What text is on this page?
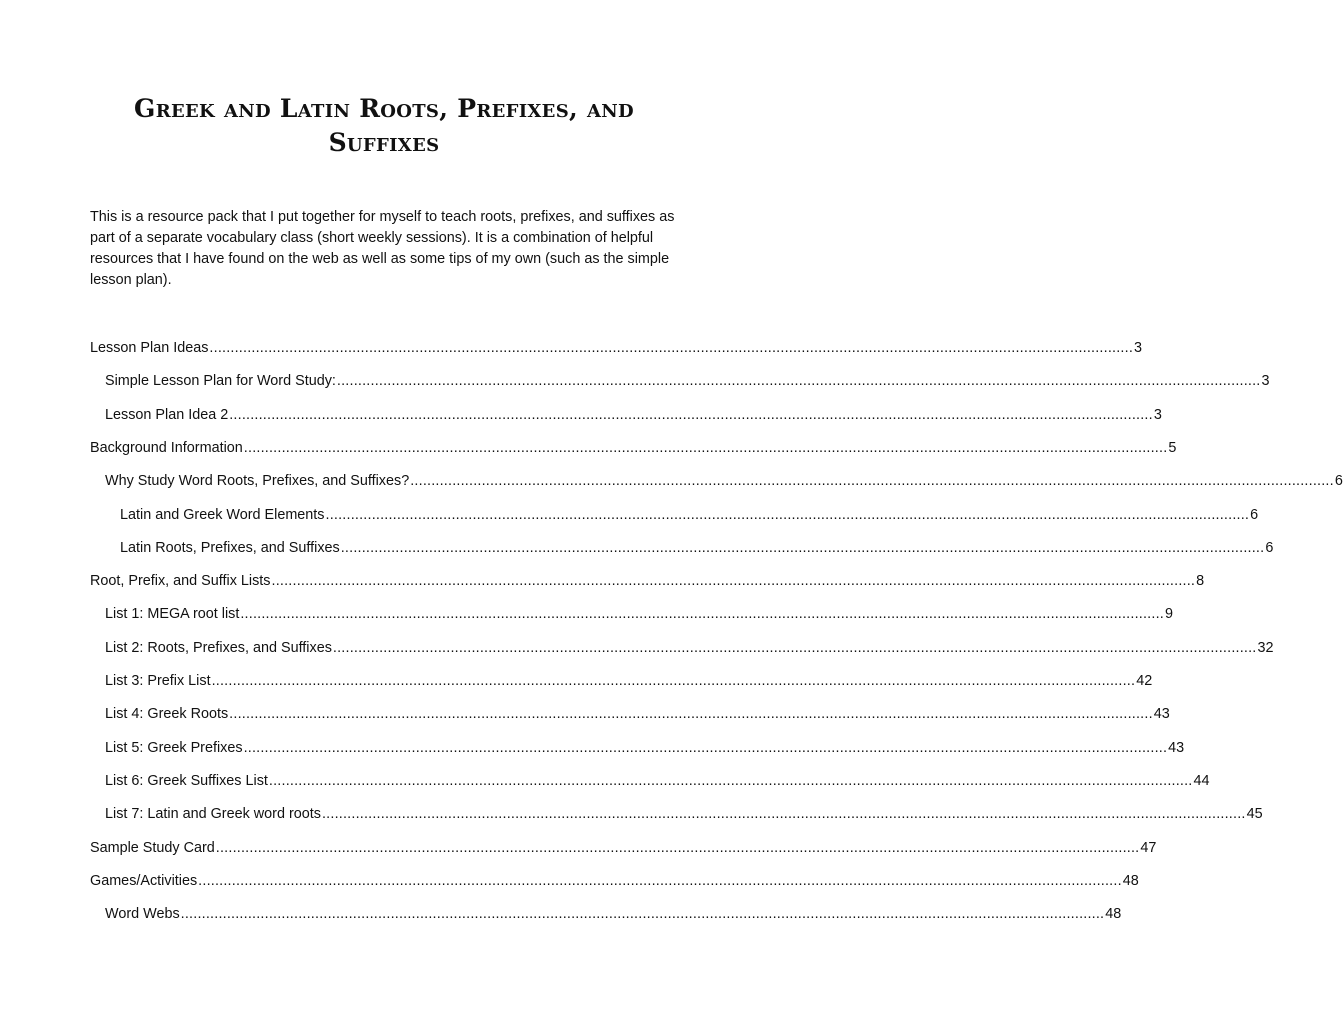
Greek and Latin Roots, Prefixes, and Suffixes
This is a resource pack that I put together for myself to teach roots, prefixes, and suffixes as part of a separate vocabulary class (short weekly sessions). It is a combination of helpful resources that I have found on the web as well as some tips of my own (such as the simple lesson plan).
Lesson Plan Ideas ............................................................................................................................................................................................................................ 3
Simple Lesson Plan for Word Study: ............................................................................................................................................................................................................................ 3
Lesson Plan Idea 2 ............................................................................................................................................................................................................................ 3
Background Information ............................................................................................................................................................................................................................ 5
Why Study Word Roots, Prefixes, and Suffixes? ............................................................................................................................................................................................................................ 6
Latin and Greek Word Elements ............................................................................................................................................................................................................................ 6
Latin Roots, Prefixes, and Suffixes ............................................................................................................................................................................................................................ 6
Root, Prefix, and Suffix Lists ............................................................................................................................................................................................................................ 8
List 1: MEGA root list ............................................................................................................................................................................................................................ 9
List 2: Roots, Prefixes, and Suffixes ............................................................................................................................................................................................................................ 32
List 3: Prefix List ............................................................................................................................................................................................................................ 42
List 4: Greek Roots ............................................................................................................................................................................................................................ 43
List 5: Greek Prefixes ............................................................................................................................................................................................................................ 43
List 6: Greek Suffixes List ............................................................................................................................................................................................................................ 44
List 7: Latin and Greek word roots ............................................................................................................................................................................................................................ 45
Sample Study Card ............................................................................................................................................................................................................................ 47
Games/Activities ............................................................................................................................................................................................................................ 48
Word Webs ............................................................................................................................................................................................................................ 48
